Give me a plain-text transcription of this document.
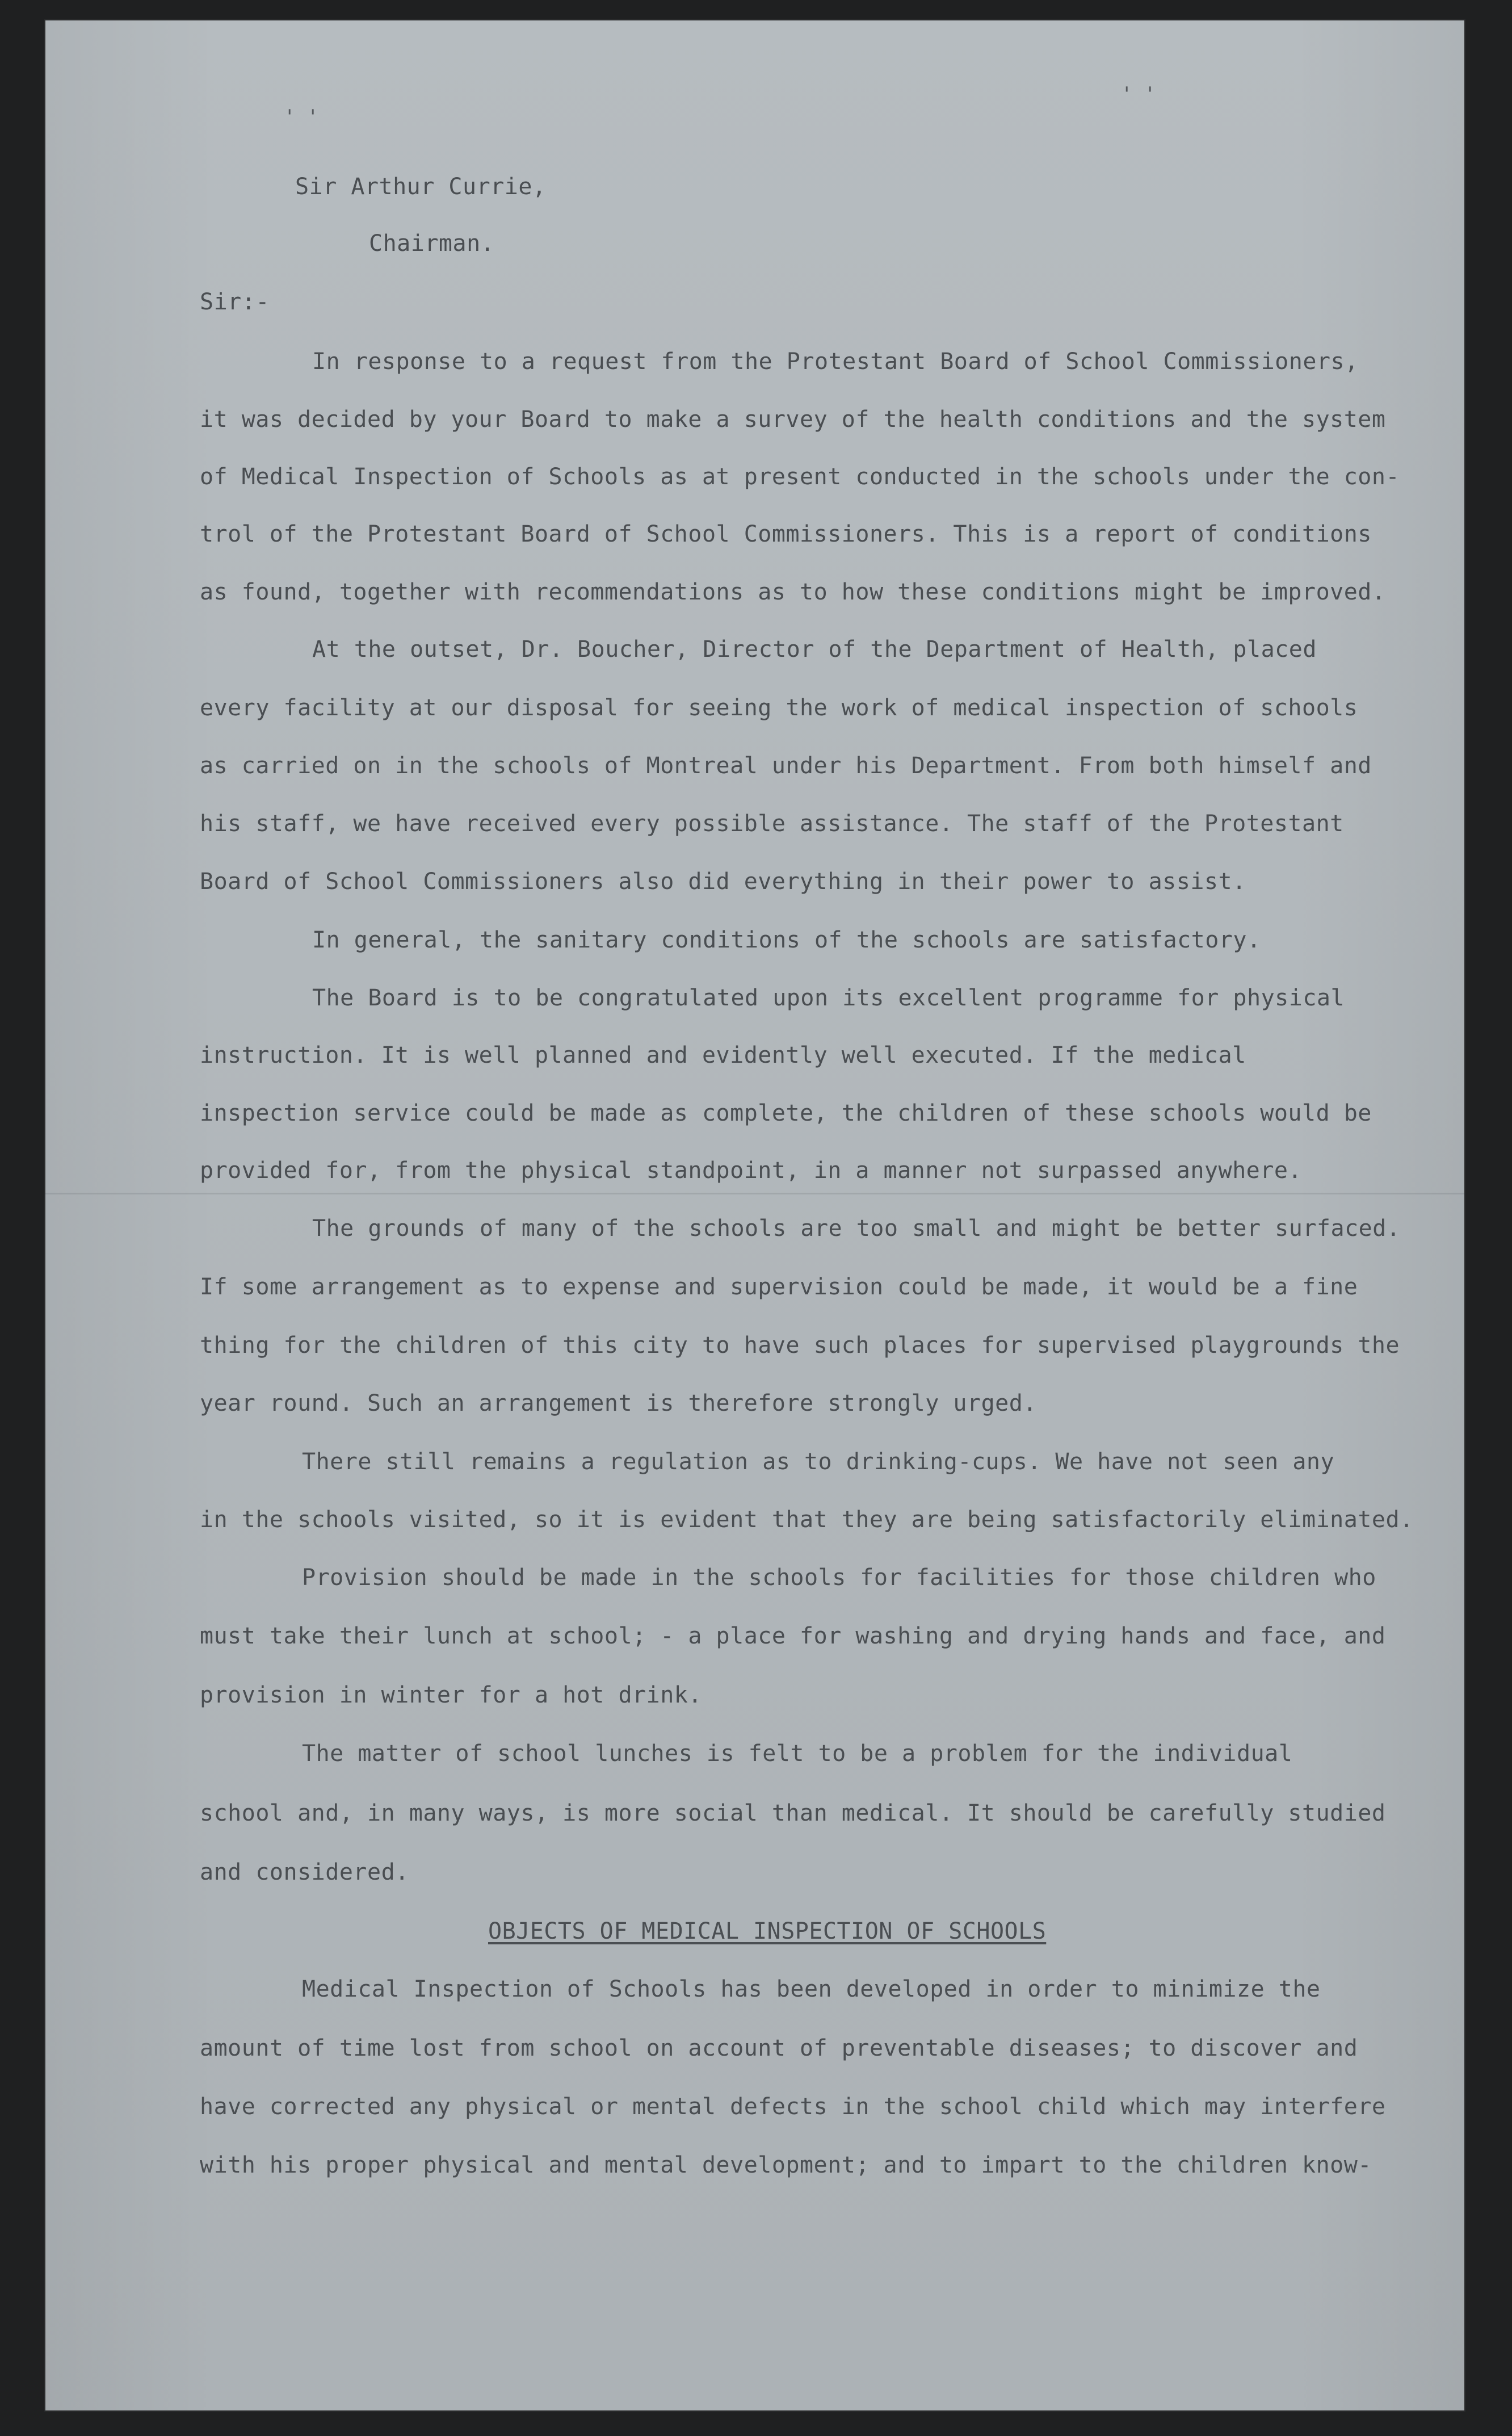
' '
' '
Sir Arthur Currie,
Chairman.
Sir:-
In response to a request from the Protestant Board of School Commissioners,
it was decided by your Board to make a survey of the health conditions and the system
of Medical Inspection of Schools as at present conducted in the schools under the con-
trol of the Protestant Board of School Commissioners. This is a report of conditions
as found, together with recommendations as to how these conditions might be improved.
At the outset, Dr. Boucher, Director of the Department of Health, placed
every facility at our disposal for seeing the work of medical inspection of schools
as carried on in the schools of Montreal under his Department. From both himself and
his staff, we have received every possible assistance. The staff of the Protestant
Board of School Commissioners also did everything in their power to assist.
In general, the sanitary conditions of the schools are satisfactory.
The Board is to be congratulated upon its excellent programme for physical
instruction. It is well planned and evidently well executed. If the medical
inspection service could be made as complete, the children of these schools would be
provided for, from the physical standpoint, in a manner not surpassed anywhere.
The grounds of many of the schools are too small and might be better surfaced.
If some arrangement as to expense and supervision could be made, it would be a fine
thing for the children of this city to have such places for supervised playgrounds the
year round. Such an arrangement is therefore strongly urged.
There still remains a regulation as to drinking-cups. We have not seen any
in the schools visited, so it is evident that they are being satisfactorily eliminated.
Provision should be made in the schools for facilities for those children who
must take their lunch at school; - a place for washing and drying hands and face, and
provision in winter for a hot drink.
The matter of school lunches is felt to be a problem for the individual
school and, in many ways, is more social than medical. It should be carefully studied
and considered.
OBJECTS OF MEDICAL INSPECTION OF SCHOOLS
Medical Inspection of Schools has been developed in order to minimize the
amount of time lost from school on account of preventable diseases; to discover and
have corrected any physical or mental defects in the school child which may interfere
with his proper physical and mental development; and to impart to the children know-
